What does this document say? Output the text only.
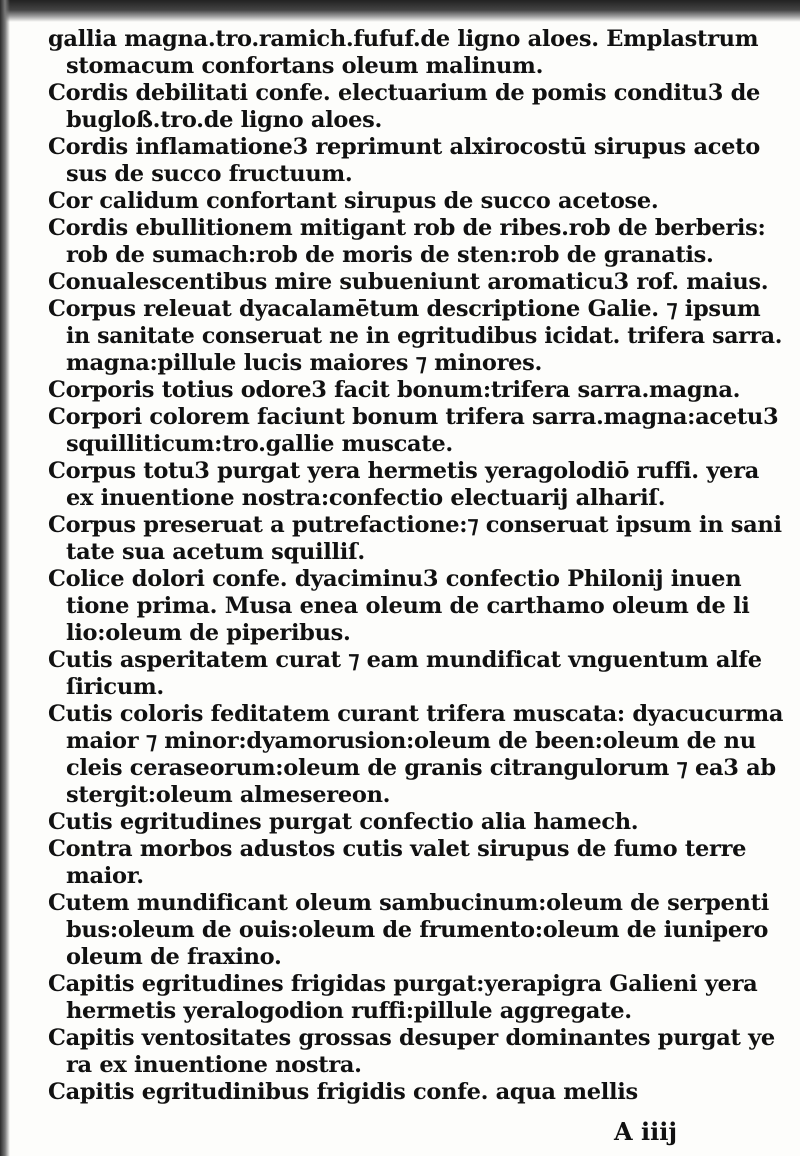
gallia magna.tro.ramich.fufuf.de ligno aloes. Emplastrum
stomacum confortans oleum malinum.
Cordis debilitati confe. electuarium de pomis conditu3 de
bugloß.tro.de ligno aloes.
Cordis inflamatione3 reprimunt alxirocostū sirupus aceto
sus de succo fructuum.
Cor calidum confortant sirupus de succo acetose.
Cordis ebullitionem mitigant rob de ribes.rob de berberis:
rob de sumach:rob de moris de sten:rob de granatis.
Conualescentibus mire subueniunt aromaticu3 rof. maius.
Corpus releuat dyacalamētum descriptione Galie. ⁊ ipsum
in sanitate conseruat ne in egritudibus icidat. trifera sarra.
magna:pillule lucis maiores ⁊ minores.
Corporis totius odore3 facit bonum:trifera sarra.magna.
Corpori colorem faciunt bonum trifera sarra.magna:acetu3
squilliticum:tro.gallie muscate.
Corpus totu3 purgat yera hermetis yeragolodiō ruffi. yera
ex inuentione nostra:confectio electuarij alhariſ.
Corpus preseruat a putrefactione:⁊ conseruat ipsum in sani
tate sua acetum squilliſ.
Colice dolori confe. dyaciminu3 confectio Philonij inuen
tione prima. Musa enea oleum de carthamo oleum de li
lio:oleum de piperibus.
Cutis asperitatem curat ⁊ eam mundificat vnguentum alfe
ſiricum.
Cutis coloris feditatem curant trifera muscata: dyacucurma
maior ⁊ minor:dyamorusion:oleum de been:oleum de nu
cleis ceraseorum:oleum de granis citrangulorum ⁊ ea3 ab
stergit:oleum almesereon.
Cutis egritudines purgat confectio alia hamech.
Contra morbos adustos cutis valet sirupus de fumo terre
maior.
Cutem mundificant oleum sambucinum:oleum de serpenti
bus:oleum de ouis:oleum de frumento:oleum de iunipero
oleum de fraxino.
Capitis egritudines frigidas purgat:yerapigra Galieni yera
hermetis yeralogodion ruffi:pillule aggregate.
Capitis ventositates grossas desuper dominantes purgat ye
ra ex inuentione nostra.
Capitis egritudinibus frigidis confe. aqua mellis
A iiij
